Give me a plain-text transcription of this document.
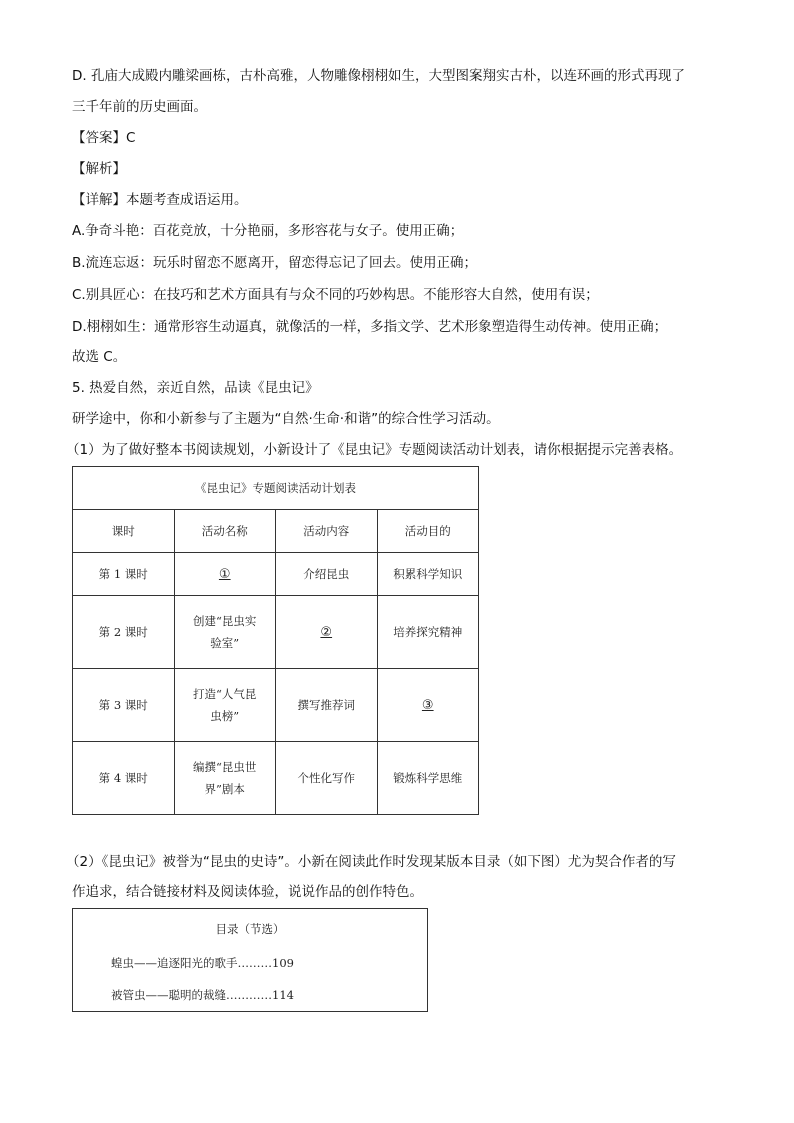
D. 孔庙大成殿内雕梁画栋，古朴高雅，人物雕像栩栩如生，大型图案翔实古朴，以连环画的形式再现了
三千年前的历史画面。
【答案】C
【解析】
【详解】本题考查成语运用。
A.争奇斗艳：百花竞放，十分艳丽，多形容花与女子。使用正确；
B.流连忘返：玩乐时留恋不愿离开，留恋得忘记了回去。使用正确；
C.别具匠心：在技巧和艺术方面具有与众不同的巧妙构思。不能形容大自然，使用有误；
D.栩栩如生：通常形容生动逼真，就像活的一样，多指文学、艺术形象塑造得生动传神。使用正确；
故选 C。
5. 热爱自然，亲近自然，品读《昆虫记》
研学途中，你和小新参与了主题为“自然·生命·和谐”的综合性学习活动。
（1）为了做好整本书阅读规划，小新设计了《昆虫记》专题阅读活动计划表，请你根据提示完善表格。
《昆虫记》专题阅读活动计划表			
课时	活动名称	活动内容	活动目的
第 1 课时	①	介绍昆虫	积累科学知识
第 2 课时	创建“昆虫实
验室”	②	培养探究精神
第 3 课时	打造“人气昆
虫榜”	撰写推荐词	③
第 4 课时	编撰“昆虫世
界”剧本	个性化写作	锻炼科学思维
（2）《昆虫记》被誉为“昆虫的史诗”。小新在阅读此作时发现某版本目录（如下图）尤为契合作者的写
作追求，结合链接材料及阅读体验，说说作品的创作特色。
目录（节选）
蝗虫——追逐阳光的歌手………109
被管虫——聪明的裁缝…………114
